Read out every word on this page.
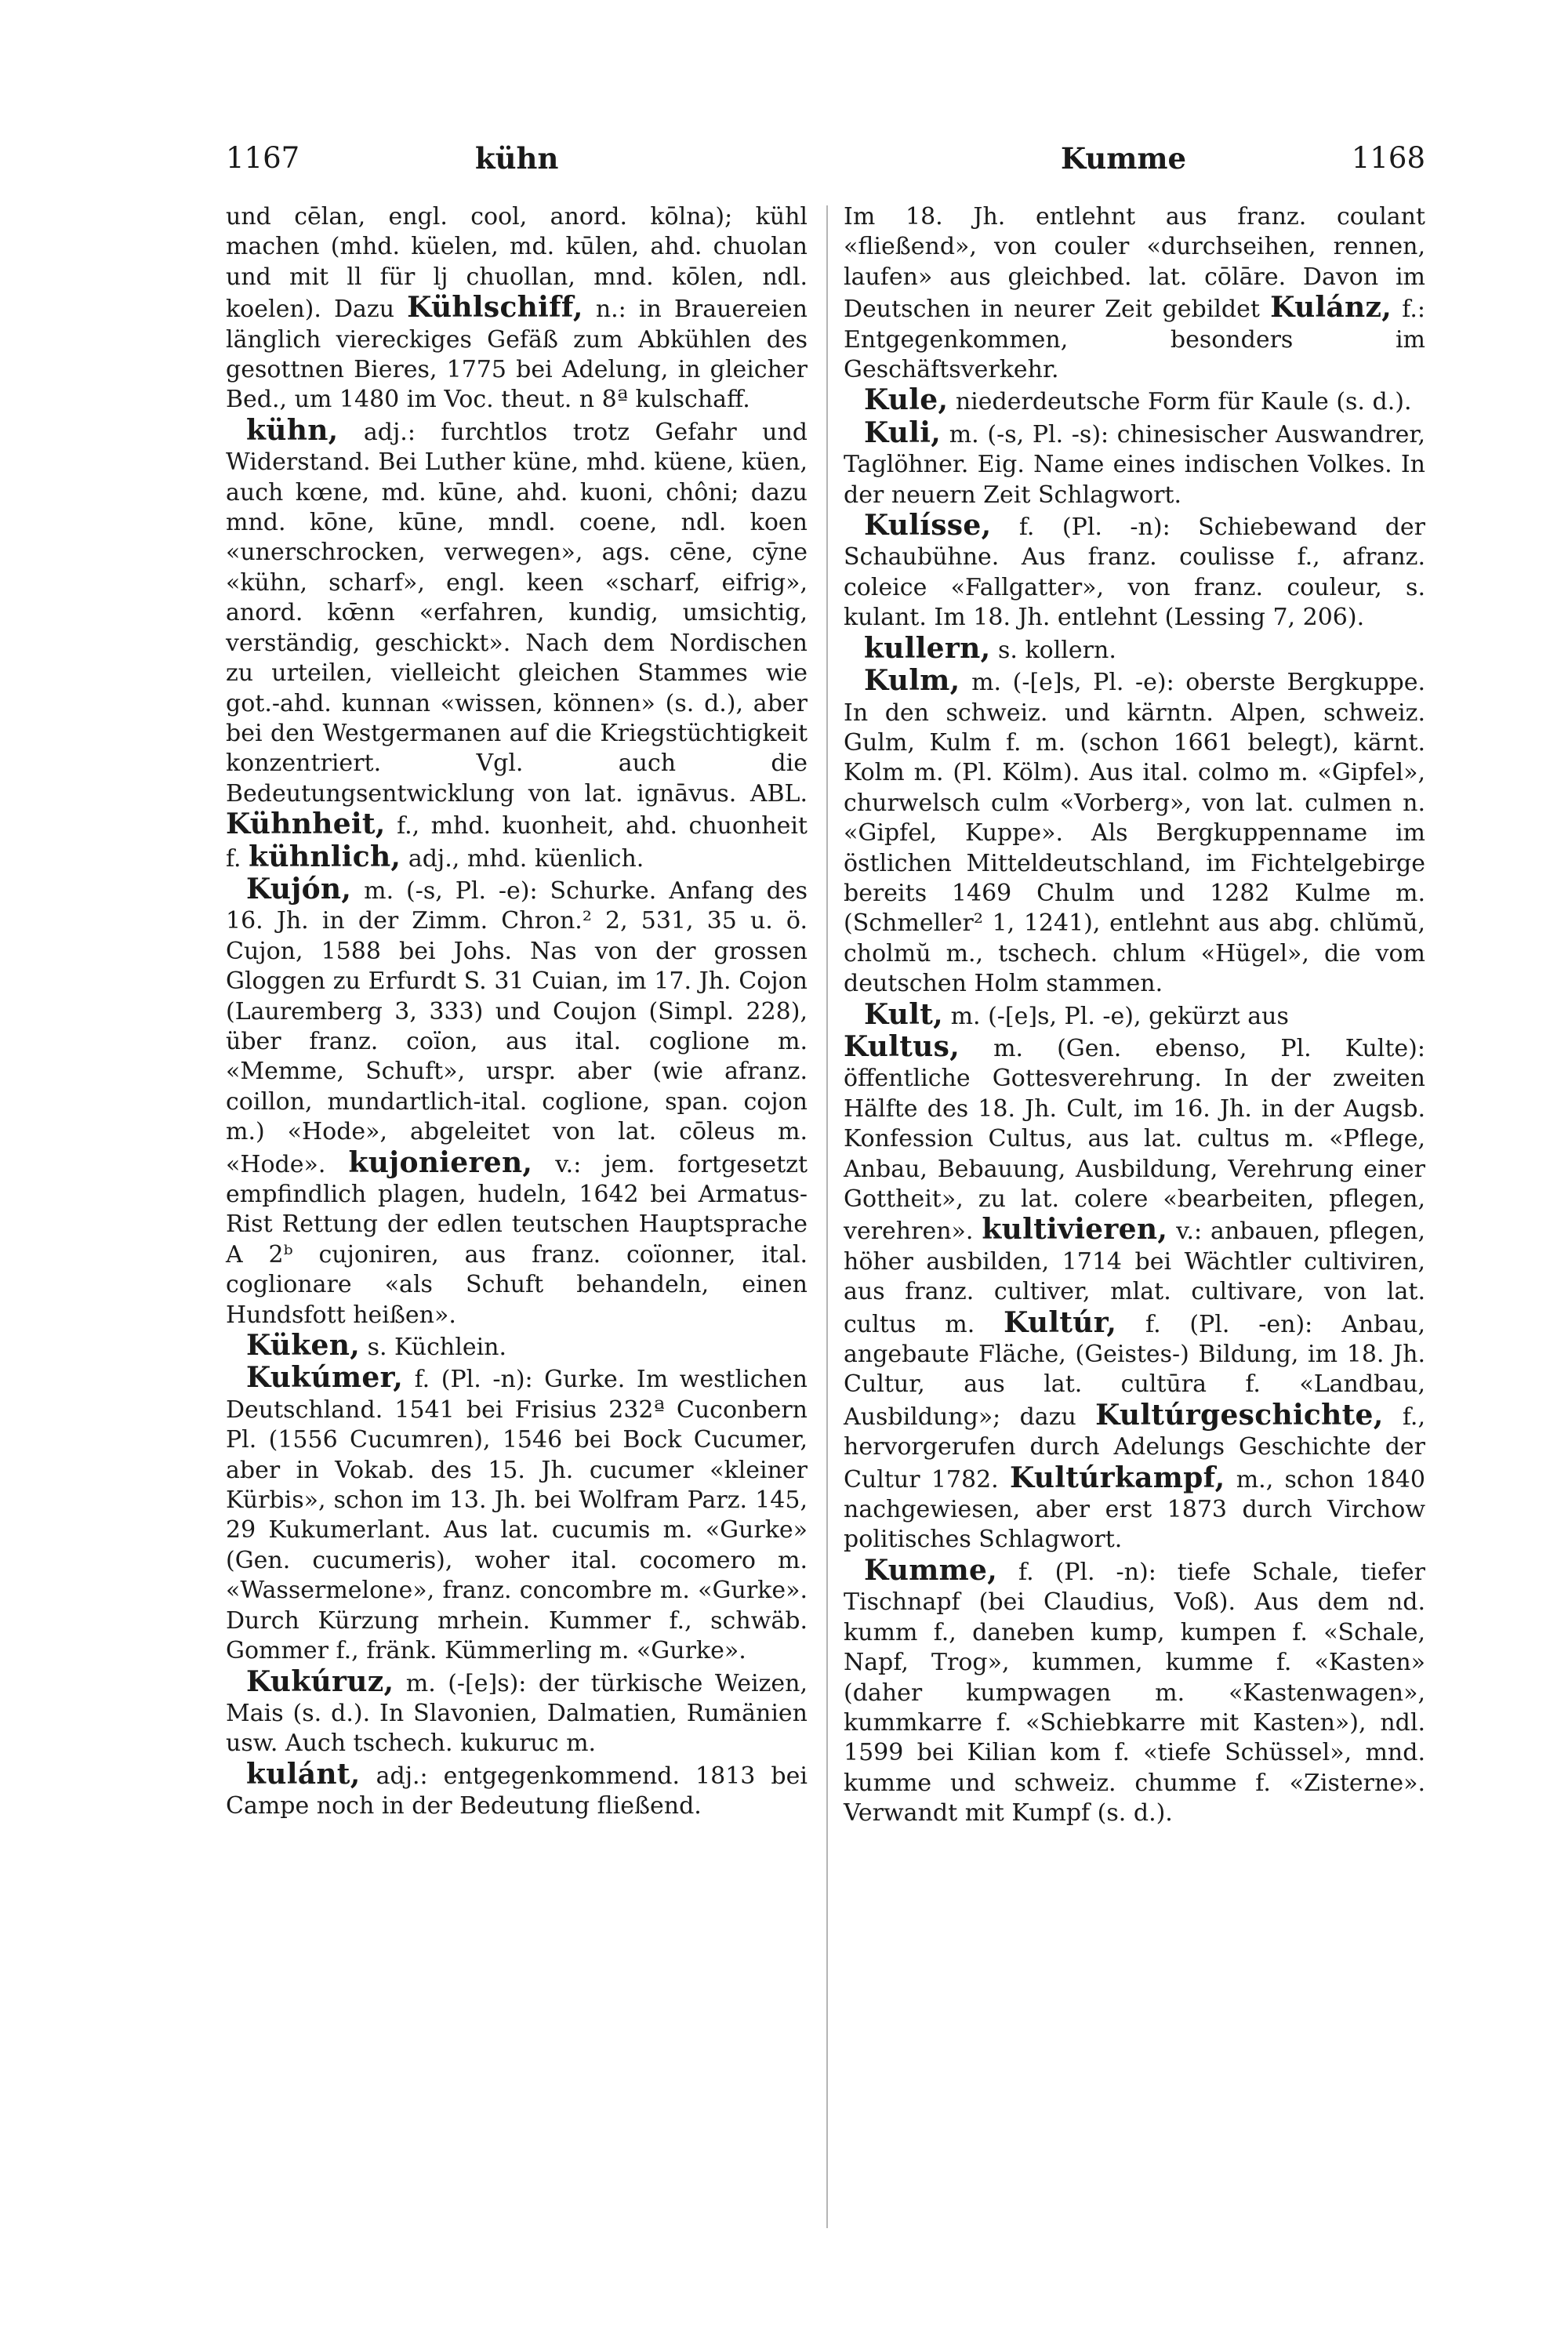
1167	kühn	Kumme	1168

und cēlan, engl. cool, anord. kōlna); kühl machen (mhd. küelen, md. kūlen, ahd. chuolan und mit ll für lj chuollan, mnd. kōlen, ndl. koelen). Dazu Kühlschiff, n.: in Brauereien länglich viereckiges Gefäß zum Abkühlen des gesottnen Bieres, 1775 bei Adelung, in gleicher Bed., um 1480 im Voc. theut. n 8ª kulschaff.

kühn, adj.: furchtlos trotz Gefahr und Widerstand. Bei Luther küne, mhd. küene, küen, auch kœne, md. kūne, ahd. kuoni, chôni; dazu mnd. kōne, kūne, mndl. coene, ndl. koen «unerschrocken, verwegen», ags. cēne, cȳne «kühn, scharf», engl. keen «scharf, eifrig», anord. kœ̄nn «erfahren, kundig, umsichtig, verständig, geschickt». Nach dem Nordischen zu urteilen, vielleicht gleichen Stammes wie got.-ahd. kunnan «wissen, können» (s. d.), aber bei den Westgermanen auf die Kriegstüchtigkeit konzentriert. Vgl. auch die Bedeutungsentwicklung von lat. ignāvus. ABL. Kühnheit, f., mhd. kuonheit, ahd. chuonheit f. kühnlich, adj., mhd. küenlich.

Kujón, m. (-s, Pl. -e): Schurke. Anfang des 16. Jh. in der Zimm. Chron.² 2, 531, 35 u. ö. Cujon, 1588 bei Johs. Nas von der grossen Gloggen zu Erfurdt S. 31 Cuian, im 17. Jh. Cojon (Lauremberg 3, 333) und Coujon (Simpl. 228), über franz. coïon, aus ital. coglione m. «Memme, Schuft», urspr. aber (wie afranz. coillon, mundartlich-ital. coglione, span. cojon m.) «Hode», abgeleitet von lat. cōleus m. «Hode». kujonieren, v.: jem. fortgesetzt empfindlich plagen, hudeln, 1642 bei Armatus-Rist Rettung der edlen teutschen Hauptsprache A 2ᵇ cujoniren, aus franz. coïonner, ital. coglionare «als Schuft behandeln, einen Hundsfott heißen».

Küken, s. Küchlein.

Kukúmer, f. (Pl. -n): Gurke. Im westlichen Deutschland. 1541 bei Frisius 232ª Cuconbern Pl. (1556 Cucumren), 1546 bei Bock Cucumer, aber in Vokab. des 15. Jh. cucumer «kleiner Kürbis», schon im 13. Jh. bei Wolfram Parz. 145, 29 Kukumerlant. Aus lat. cucumis m. «Gurke» (Gen. cucumeris), woher ital. cocomero m. «Wassermelone», franz. concombre m. «Gurke». Durch Kürzung mrhein. Kummer f., schwäb. Gommer f., fränk. Kümmerling m. «Gurke».

Kukúruz, m. (-[e]s): der türkische Weizen, Mais (s. d.). In Slavonien, Dalmatien, Rumänien usw. Auch tschech. kukuruc m.

kulánt, adj.: entgegenkommend. 1813 bei Campe noch in der Bedeutung fließend.

Im 18. Jh. entlehnt aus franz. coulant «fließend», von couler «durchseihen, rennen, laufen» aus gleichbed. lat. cōlāre. Davon im Deutschen in neurer Zeit gebildet Kulánz, f.: Entgegenkommen, besonders im Geschäftsverkehr.

Kule, niederdeutsche Form für Kaule (s. d.).

Kuli, m. (-s, Pl. -s): chinesischer Auswandrer, Taglöhner. Eig. Name eines indischen Volkes. In der neuern Zeit Schlagwort.

Kulísse, f. (Pl. -n): Schiebewand der Schaubühne. Aus franz. coulisse f., afranz. coleice «Fallgatter», von franz. couleur, s. kulant. Im 18. Jh. entlehnt (Lessing 7, 206).

kullern, s. kollern.

Kulm, m. (-[e]s, Pl. -e): oberste Bergkuppe. In den schweiz. und kärntn. Alpen, schweiz. Gulm, Kulm f. m. (schon 1661 belegt), kärnt. Kolm m. (Pl. Kölm). Aus ital. colmo m. «Gipfel», churwelsch culm «Vorberg», von lat. culmen n. «Gipfel, Kuppe». Als Bergkuppenname im östlichen Mitteldeutschland, im Fichtelgebirge bereits 1469 Chulm und 1282 Kulme m. (Schmeller² 1, 1241), entlehnt aus abg. chlŭmŭ, cholmŭ m., tschech. chlum «Hügel», die vom deutschen Holm stammen.

Kult, m. (-[e]s, Pl. -e), gekürzt aus

Kultus, m. (Gen. ebenso, Pl. Kulte): öffentliche Gottesverehrung. In der zweiten Hälfte des 18. Jh. Cult, im 16. Jh. in der Augsb. Konfession Cultus, aus lat. cultus m. «Pflege, Anbau, Bebauung, Ausbildung, Verehrung einer Gottheit», zu lat. colere «bearbeiten, pflegen, verehren». kultivieren, v.: anbauen, pflegen, höher ausbilden, 1714 bei Wächtler cultiviren, aus franz. cultiver, mlat. cultivare, von lat. cultus m. Kultúr, f. (Pl. -en): Anbau, angebaute Fläche, (Geistes-) Bildung, im 18. Jh. Cultur, aus lat. cultūra f. «Landbau, Ausbildung»; dazu Kultúrgeschichte, f., hervorgerufen durch Adelungs Geschichte der Cultur 1782. Kultúrkampf, m., schon 1840 nachgewiesen, aber erst 1873 durch Virchow politisches Schlagwort.

Kumme, f. (Pl. -n): tiefe Schale, tiefer Tischnapf (bei Claudius, Voß). Aus dem nd. kumm f., daneben kump, kumpen f. «Schale, Napf, Trog», kummen, kumme f. «Kasten» (daher kumpwagen m. «Kastenwagen», kummkarre f. «Schiebkarre mit Kasten»), ndl. 1599 bei Kilian kom f. «tiefe Schüssel», mnd. kumme und schweiz. chumme f. «Zisterne». Verwandt mit Kumpf (s. d.).
